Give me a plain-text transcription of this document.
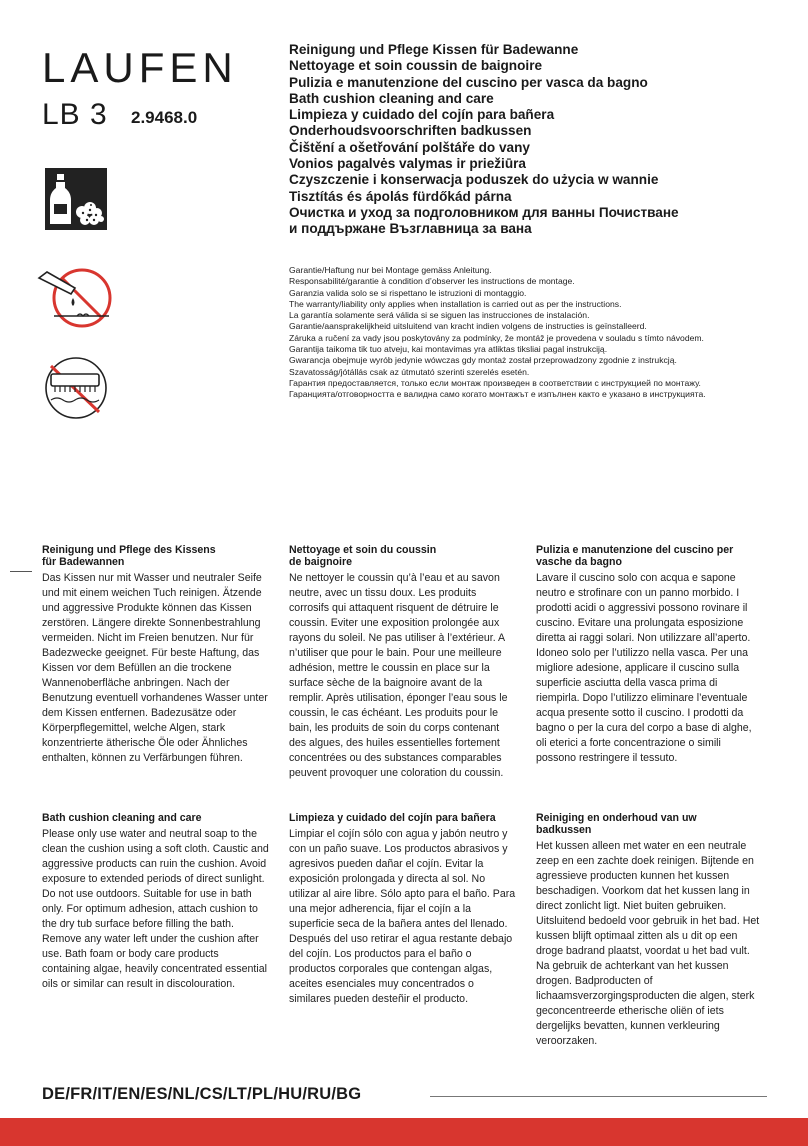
LAUFEN
LB 3 2.9468.0
Reinigung und Pflege Kissen für Badewanne
Nettoyage et soin coussin de baignoire
Pulizia e manutenzione del cuscino per vasca da bagno
Bath cushion cleaning and care
Limpieza y cuidado del cojín para bañera
Onderhoudsvoorschriften badkussen
Čištění a ošetřování polštáře do vany
Vonios pagalvės valymas ir priežiūra
Czyszczenie i konserwacja poduszek do użycia w wannie
Tisztítás és ápolás fürdőkád párna
Очистка и уход за подголовником для ванны Почистване
и поддържане Възглавница за вана
Garantie/Haftung nur bei Montage gemäss Anleitung.
Responsabilité/garantie à condition d’observer les instructions de montage.
Garanzia valida solo se si rispettano le istruzioni di montaggio.
The warranty/liability only applies when installation is carried out as per the instructions.
La garantía solamente será válida si se siguen las instrucciones de instalación.
Garantie/aansprakelijkheid uitsluitend van kracht indien volgens de instructies is geïnstalleerd.
Záruka a ručení za vady jsou poskytovány za podmínky, že montáž je provedena v souladu s tímto návodem.
Garantija taikoma tik tuo atveju, kai montavimas yra atliktas tiksliai pagal instrukciją.
Gwarancja obejmuje wyrób jedynie wówczas gdy montaż został przeprowadzony zgodnie z instrukcją.
Szavatosság/jótállás csak az útmutató szerinti szerelés esetén.
Гарантия предоставляется, только если монтаж произведен в соответствии с инструкцией по монтажу.
Гаранцията/отговорността е валидна само когато монтажът е изпълнен както е указано в инструкцията.
Reinigung und Pflege des Kissens
für Badewannen

Das Kissen nur mit Wasser und neutraler Seife und mit einem weichen Tuch reinigen. Ätzende und aggressive Produkte können das Kissen zerstören. Längere direkte Sonnenbestrahlung vermeiden. Nicht im Freien benutzen. Nur für Badezwecke geeignet. Für beste Haftung, das Kissen vor dem Befüllen an die trockene Wannenoberfläche anbringen. Nach der Benutzung eventuell vorhandenes Wasser unter dem Kissen entfernen. Badezusätze oder Körperpflegemittel, welche Algen, stark konzentrierte ätherische Öle oder Ähnliches enthalten, können zu Verfärbungen führen.

Nettoyage et soin du coussin
de baignoire

Ne nettoyer le coussin qu’à l’eau et au savon neutre, avec un tissu doux. Les produits corrosifs qui attaquent risquent de détruire le coussin. Eviter une exposition prolongée aux rayons du soleil. Ne pas utiliser à l’extérieur. A n’utiliser que pour le bain. Pour une meilleure adhésion, mettre le coussin en place sur la surface sèche de la baignoire avant de la remplir. Après utilisation, éponger l’eau sous le coussin, le cas échéant. Les produits pour le bain, les produits de soin du corps contenant des algues, des huiles essentielles fortement concentrées ou des substances comparables peuvent provoquer une coloration du coussin.

Pulizia e manutenzione del cuscino per
vasche da bagno

Lavare il cuscino solo con acqua e sapone neutro e strofinare con un panno morbido. I prodotti acidi o aggressivi possono rovinare il cuscino. Evitare una prolungata esposizione diretta ai raggi solari. Non utilizzare all’aperto. Idoneo solo per l’utilizzo nella vasca. Per una migliore adesione, applicare il cuscino sulla superficie asciutta della vasca prima di riempirla. Dopo l’utilizzo eliminare l’eventuale acqua presente sotto il cuscino. I prodotti da bagno o per la cura del corpo a base di alghe, oli eterici a forte concentrazione o simili possono restringere il tessuto.

Bath cushion cleaning and care

Please only use water and neutral soap to the clean the cushion using a soft cloth. Caustic and aggressive products can ruin the cushion. Avoid exposure to extended periods of direct sunlight. Do not use outdoors. Suitable for use in bath only. For optimum adhesion, attach cushion to the dry tub surface before filling the bath. Remove any water left under the cushion after use. Bath foam or body care products containing algae, heavily concentrated essential oils or similar can result in discolouration.

Limpieza y cuidado del cojín para bañera

Limpiar el cojín sólo con agua y jabón neutro y con un paño suave. Los productos abrasivos y agresivos pueden dañar el cojín. Evitar la exposición prolongada y directa al sol. No utilizar al aire libre. Sólo apto para el baño. Para una mejor adherencia, fijar el cojín a la superficie seca de la bañera antes del llenado. Después del uso retirar el agua restante debajo del cojín. Los productos para el baño o productos corporales que contengan algas, aceites esenciales muy concentrados o similares pueden desteñir el producto.

Reiniging en onderhoud van uw
badkussen

Het kussen alleen met water en een neutrale zeep en een zachte doek reinigen. Bijtende en agressieve producten kunnen het kussen beschadigen. Voorkom dat het kussen lang in direct zonlicht ligt. Niet buiten gebruiken. Uitsluitend bedoeld voor gebruik in het bad. Het kussen blijft optimaal zitten als u dit op een droge badrand plaatst, voordat u het bad vult. Na gebruik de achterkant van het kussen drogen. Badproducten of lichaamsverzorgingsproducten die algen, sterk geconcentreerde etherische oliën of iets dergelijks bevatten, kunnen verkleuring veroorzaken.

DE/FR/IT/EN/ES/NL/CS/LT/PL/HU/RU/BG
